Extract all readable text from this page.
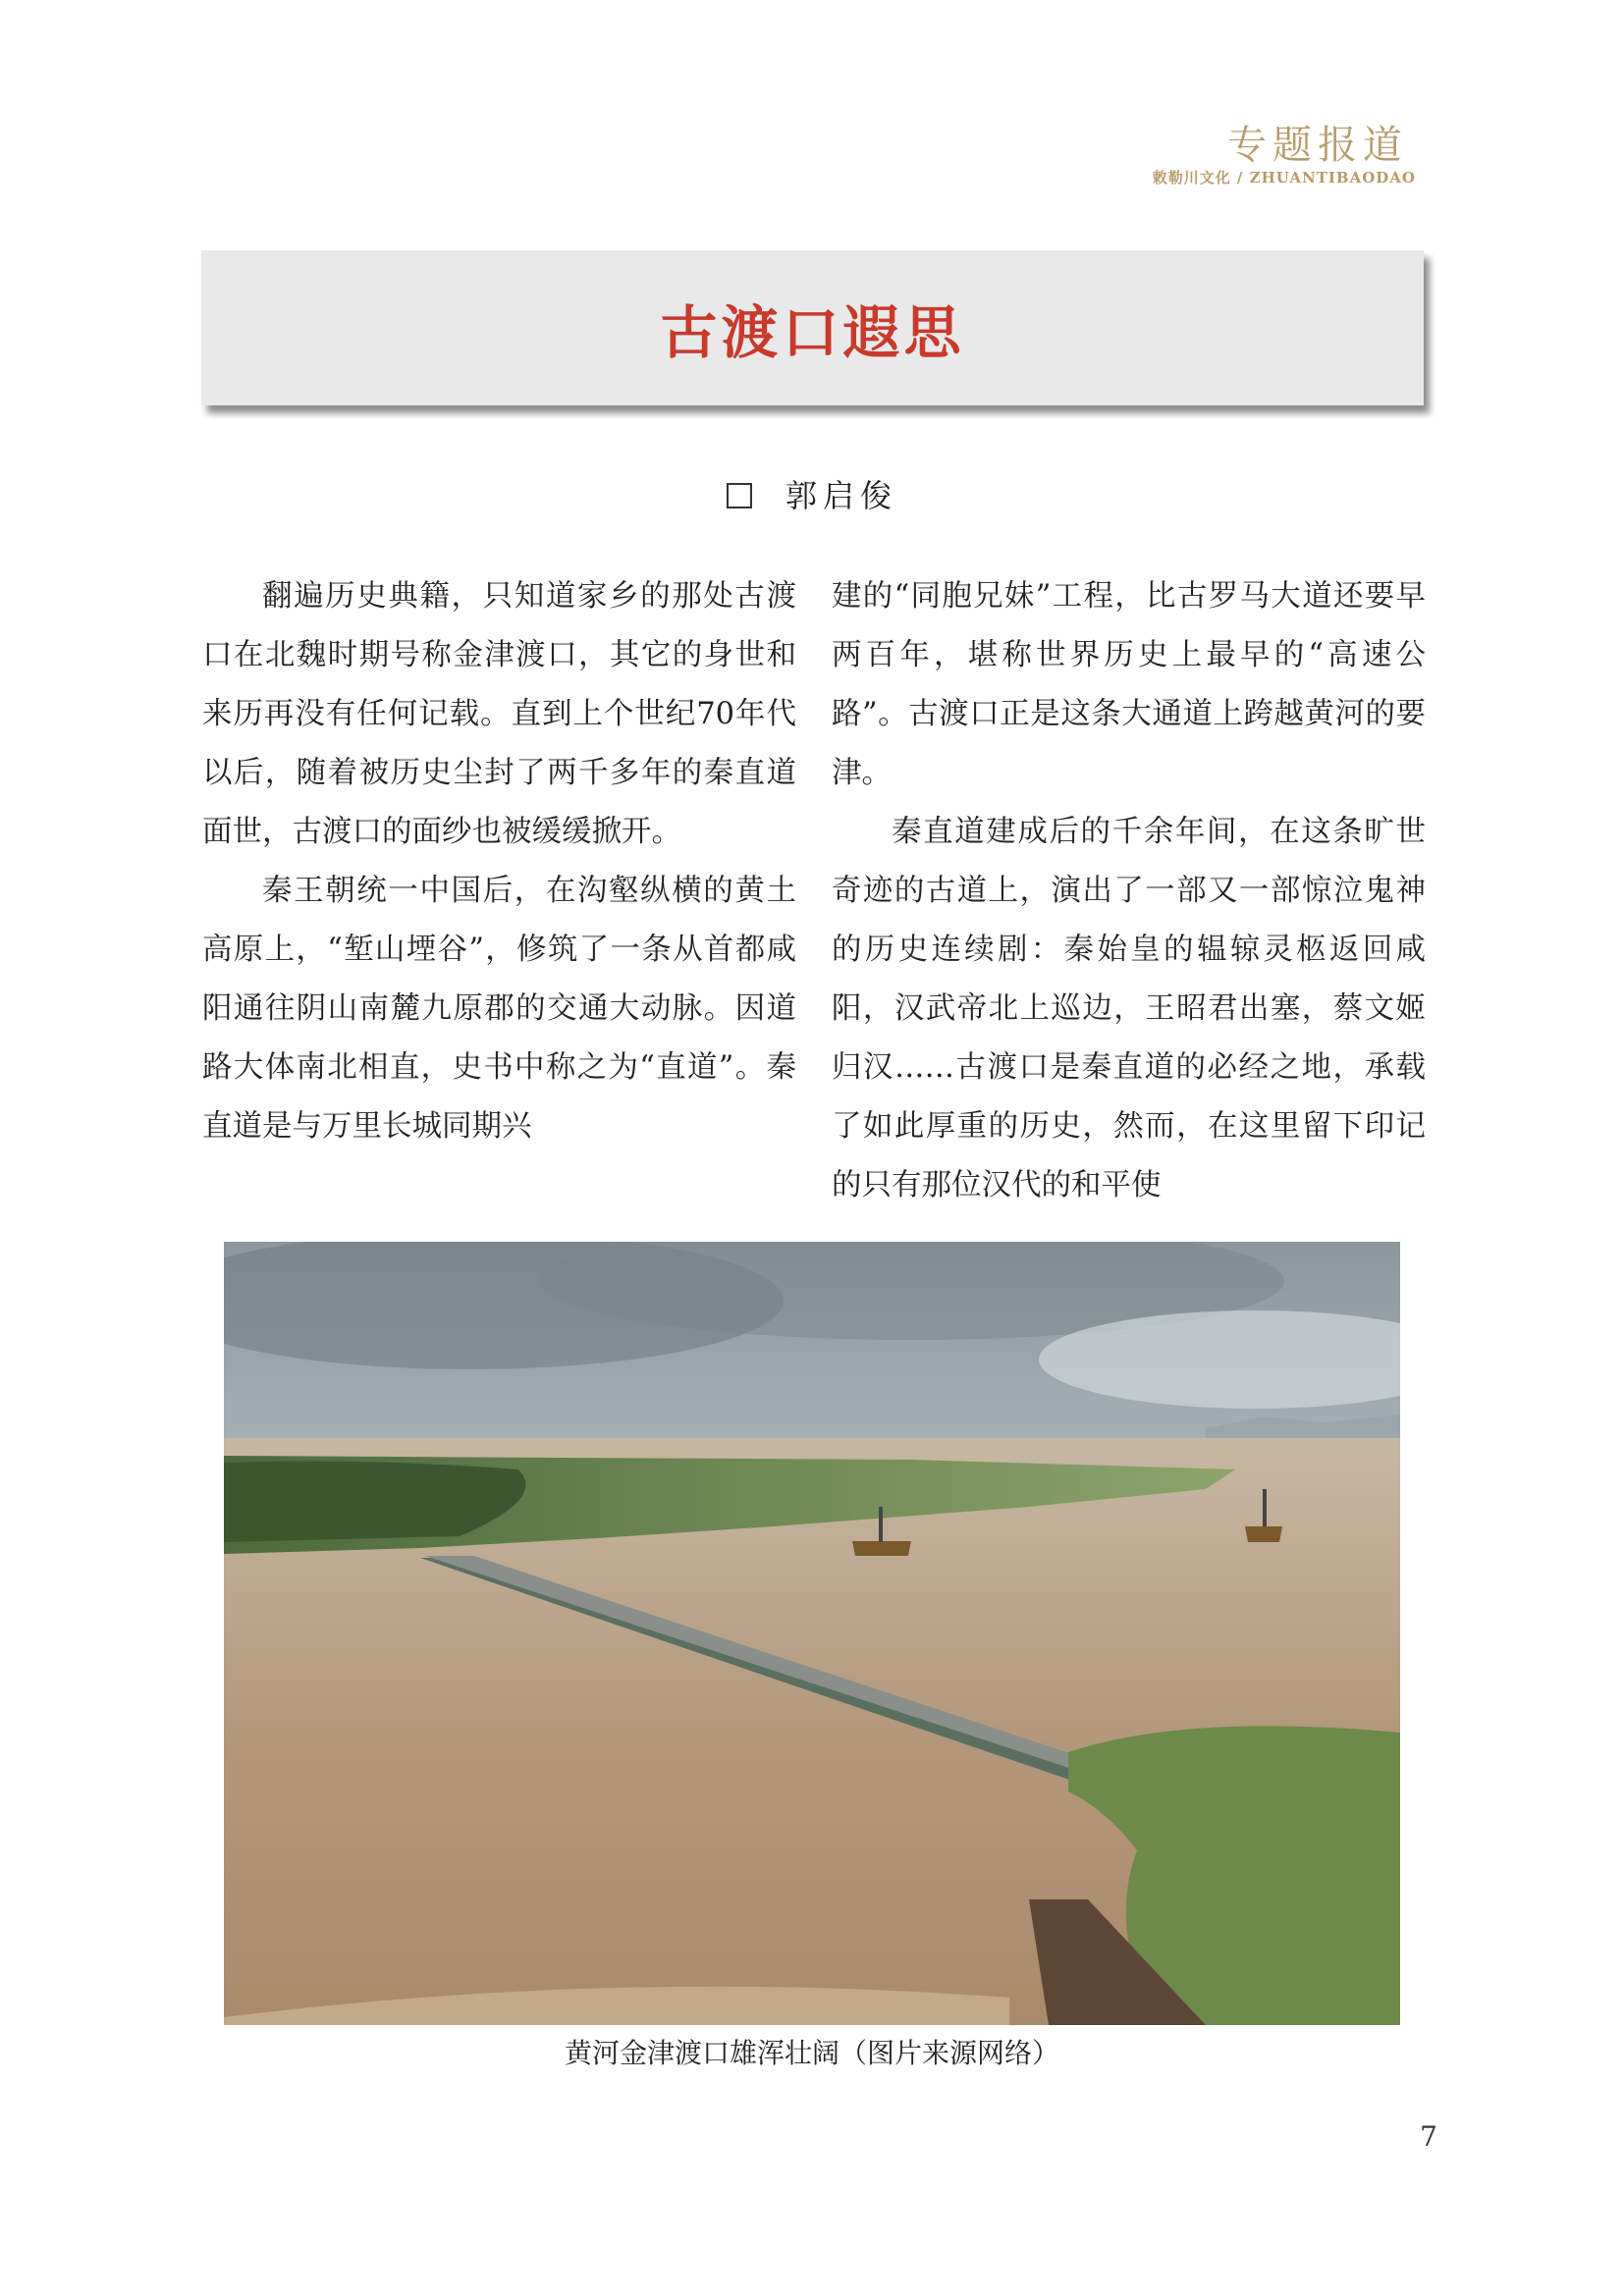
专题报道
敕勒川文化 / ZHUANTIBAODAO
古渡口遐思
郭启俊

翻遍历史典籍，只知道家乡的那处古渡口在北魏时期号称金津渡口，其它的身世和来历再没有任何记载。直到上个世纪70年代以后，随着被历史尘封了两千多年的秦直道面世，古渡口的面纱也被缓缓掀开。

秦王朝统一中国后，在沟壑纵横的黄土高原上，“堑山堙谷”，修筑了一条从首都咸阳通往阴山南麓九原郡的交通大动脉。因道路大体南北相直，史书中称之为“直道”。秦直道是与万里长城同期兴

建的“同胞兄妹”工程，比古罗马大道还要早两百年，堪称世界历史上最早的“高速公路”。古渡口正是这条大通道上跨越黄河的要津。

秦直道建成后的千余年间，在这条旷世奇迹的古道上，演出了一部又一部惊泣鬼神的历史连续剧：秦始皇的辒辌灵柩返回咸阳，汉武帝北上巡边，王昭君出塞，蔡文姬归汉……古渡口是秦直道的必经之地，承载了如此厚重的历史，然而，在这里留下印记的只有那位汉代的和平使

黄河金津渡口雄浑壮阔（图片来源网络）
7
